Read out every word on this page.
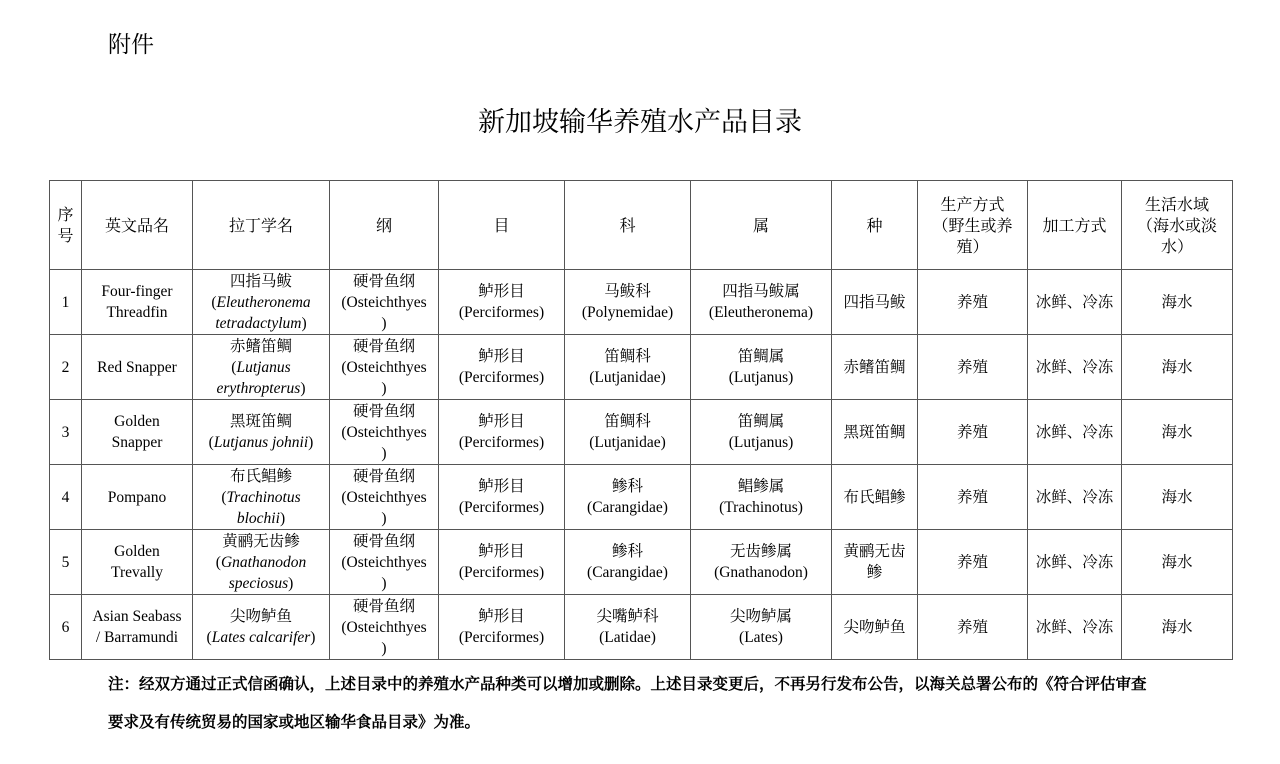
附件
新加坡输华养殖水产品目录
序
号	英文品名	拉丁学名	纲	目	科	属	种	生产方式
（野生或养
殖）	加工方式	生活水域
（海水或淡
水）

1	Four-finger
Threadfin	四指马鲅
(Eleutheronema
tetradactylum)	硬骨鱼纲
(Osteichthyes
)	鲈形目
(Perciformes)	马鲅科
(Polynemidae)	四指马鲅属
(Eleutheronema)	四指马鲅	养殖	冰鲜、冷冻	海水

2	Red Snapper	赤鳍笛鲷
(Lutjanus
erythropterus)	硬骨鱼纲
(Osteichthyes
)	鲈形目
(Perciformes)	笛鲷科
(Lutjanidae)	笛鲷属
(Lutjanus)	赤鳍笛鲷	养殖	冰鲜、冷冻	海水

3	Golden
Snapper	黑斑笛鲷
(Lutjanus johnii)	硬骨鱼纲
(Osteichthyes
)	鲈形目
(Perciformes)	笛鲷科
(Lutjanidae)	笛鲷属
(Lutjanus)	黑斑笛鲷	养殖	冰鲜、冷冻	海水

4	Pompano	布氏鲳鲹
(Trachinotus
blochii)	硬骨鱼纲
(Osteichthyes
)	鲈形目
(Perciformes)	鲹科
(Carangidae)	鲳鲹属
(Trachinotus)	布氏鲳鲹	养殖	冰鲜、冷冻	海水

5	Golden
Trevally	黄鹂无齿鲹
(Gnathanodon
speciosus)	硬骨鱼纲
(Osteichthyes
)	鲈形目
(Perciformes)	鲹科
(Carangidae)	无齿鲹属
(Gnathanodon)	黄鹂无齿
鲹	养殖	冰鲜、冷冻	海水

6	Asian Seabass
/ Barramundi	尖吻鲈鱼
(Lates calcarifer)	硬骨鱼纲
(Osteichthyes
)	鲈形目
(Perciformes)	尖嘴鲈科
(Latidae)	尖吻鲈属
(Lates)	尖吻鲈鱼	养殖	冰鲜、冷冻	海水
注：经双方通过正式信函确认，上述目录中的养殖水产品种类可以增加或删除。上述目录变更后，不再另行发布公告，以海关总署公布的《符合评估审查
要求及有传统贸易的国家或地区输华食品目录》为准。
